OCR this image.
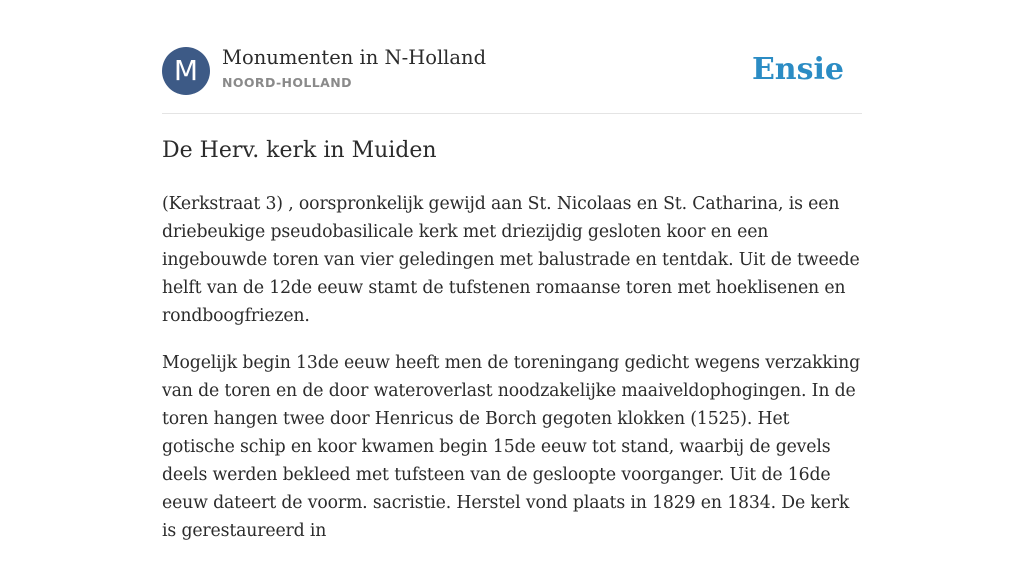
M	Monumenten in N-Holland
NOORD-HOLLAND	Ensie
De Herv. kerk in Muiden

(Kerkstraat 3) , oorspronkelijk gewijd aan St. Nicolaas en St. Catharina, is een driebeukige pseudobasilicale kerk met driezijdig gesloten koor en een ingebouwde toren van vier geledingen met balustrade en tentdak. Uit de tweede helft van de 12de eeuw stamt de tufstenen romaanse toren met hoeklisenen en rondboogfriezen.

Mogelijk begin 13de eeuw heeft men de toreningang gedicht wegens verzakking van de toren en de door wateroverlast noodzakelijke maaiveldophogingen. In de toren hangen twee door Henricus de Borch gegoten klokken (1525). Het gotische schip en koor kwamen begin 15de eeuw tot stand, waarbij de gevels deels werden bekleed met tufsteen van de gesloopte voorganger. Uit de 16de eeuw dateert de voorm. sacristie. Herstel vond plaats in 1829 en 1834. De kerk is gerestaureerd in
